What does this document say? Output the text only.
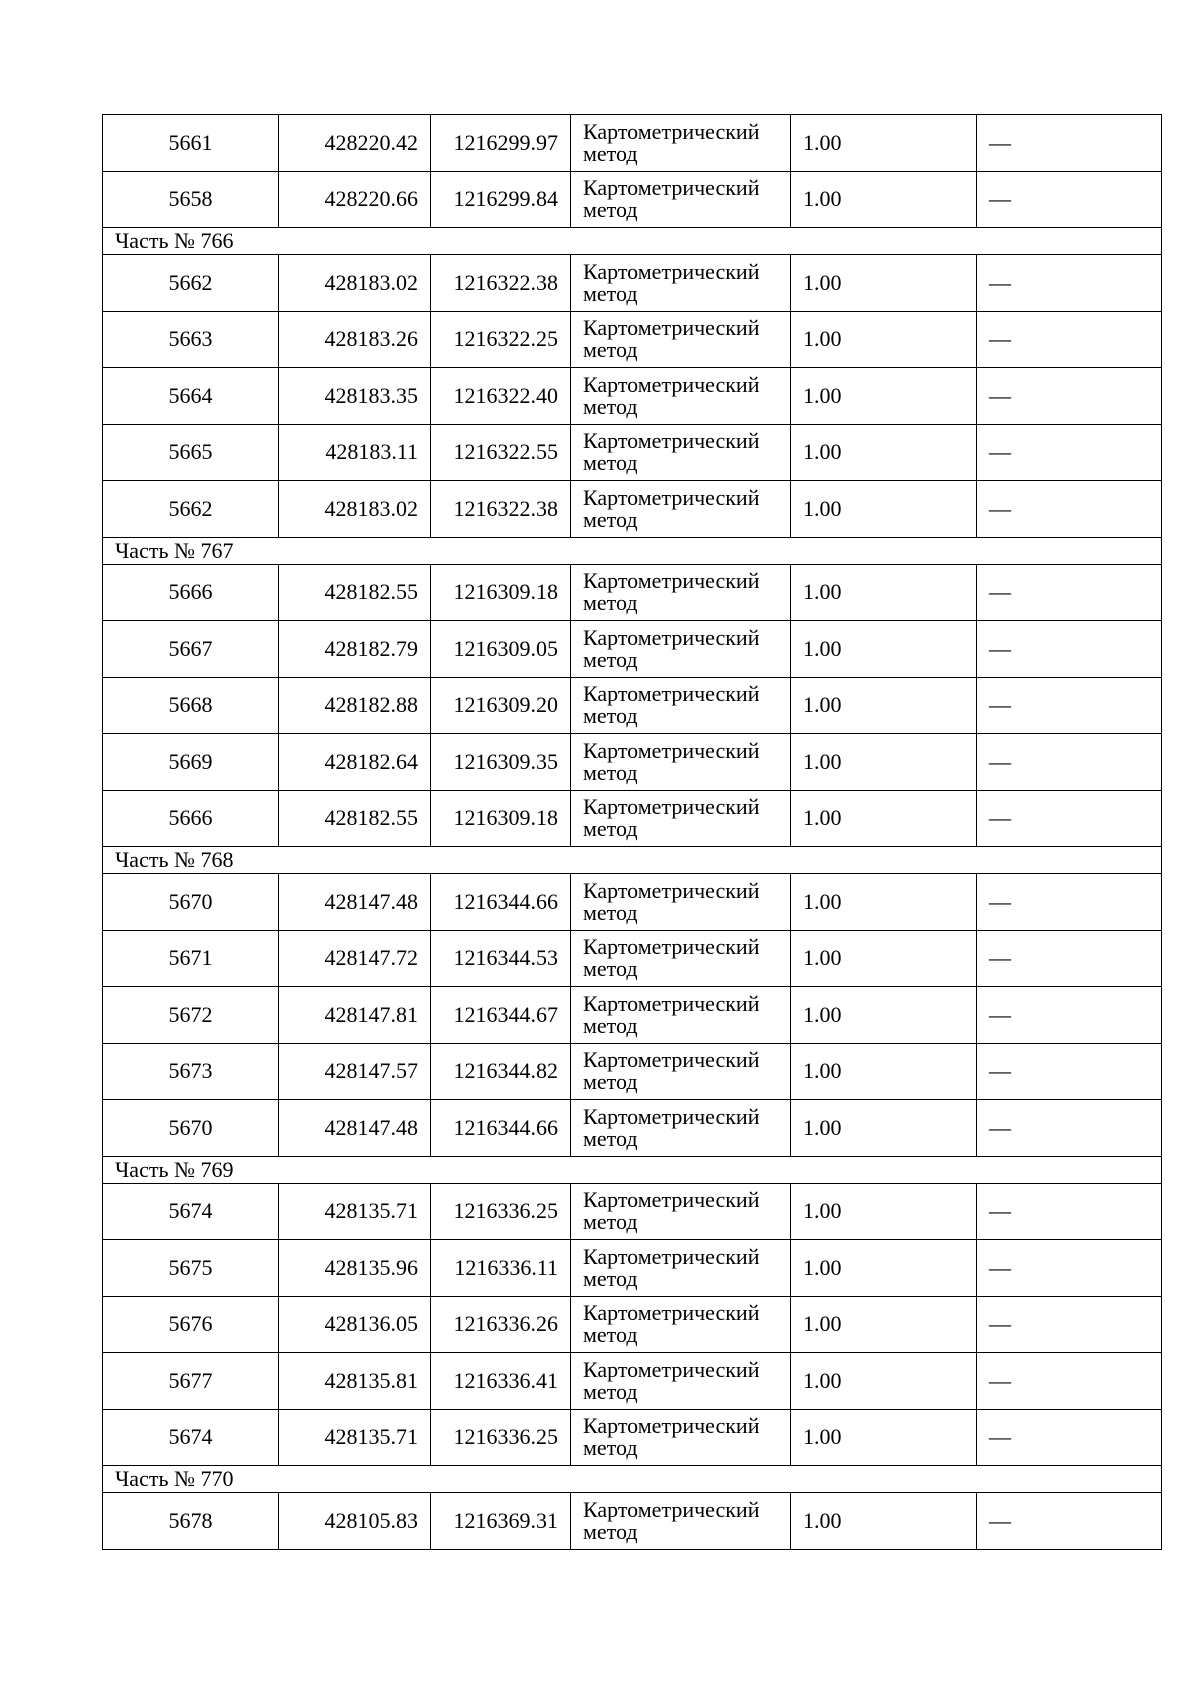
5661	428220.42	1216299.97	Картометрический
метод	1.00	—
5658	428220.66	1216299.84	Картометрический
метод	1.00	—
Часть № 766					
5662	428183.02	1216322.38	Картометрический
метод	1.00	—
5663	428183.26	1216322.25	Картометрический
метод	1.00	—
5664	428183.35	1216322.40	Картометрический
метод	1.00	—
5665	428183.11	1216322.55	Картометрический
метод	1.00	—
5662	428183.02	1216322.38	Картометрический
метод	1.00	—
Часть № 767					
5666	428182.55	1216309.18	Картометрический
метод	1.00	—
5667	428182.79	1216309.05	Картометрический
метод	1.00	—
5668	428182.88	1216309.20	Картометрический
метод	1.00	—
5669	428182.64	1216309.35	Картометрический
метод	1.00	—
5666	428182.55	1216309.18	Картометрический
метод	1.00	—
Часть № 768					
5670	428147.48	1216344.66	Картометрический
метод	1.00	—
5671	428147.72	1216344.53	Картометрический
метод	1.00	—
5672	428147.81	1216344.67	Картометрический
метод	1.00	—
5673	428147.57	1216344.82	Картометрический
метод	1.00	—
5670	428147.48	1216344.66	Картометрический
метод	1.00	—
Часть № 769					
5674	428135.71	1216336.25	Картометрический
метод	1.00	—
5675	428135.96	1216336.11	Картометрический
метод	1.00	—
5676	428136.05	1216336.26	Картометрический
метод	1.00	—
5677	428135.81	1216336.41	Картометрический
метод	1.00	—
5674	428135.71	1216336.25	Картометрический
метод	1.00	—
Часть № 770					
5678	428105.83	1216369.31	Картометрический
метод	1.00	—
